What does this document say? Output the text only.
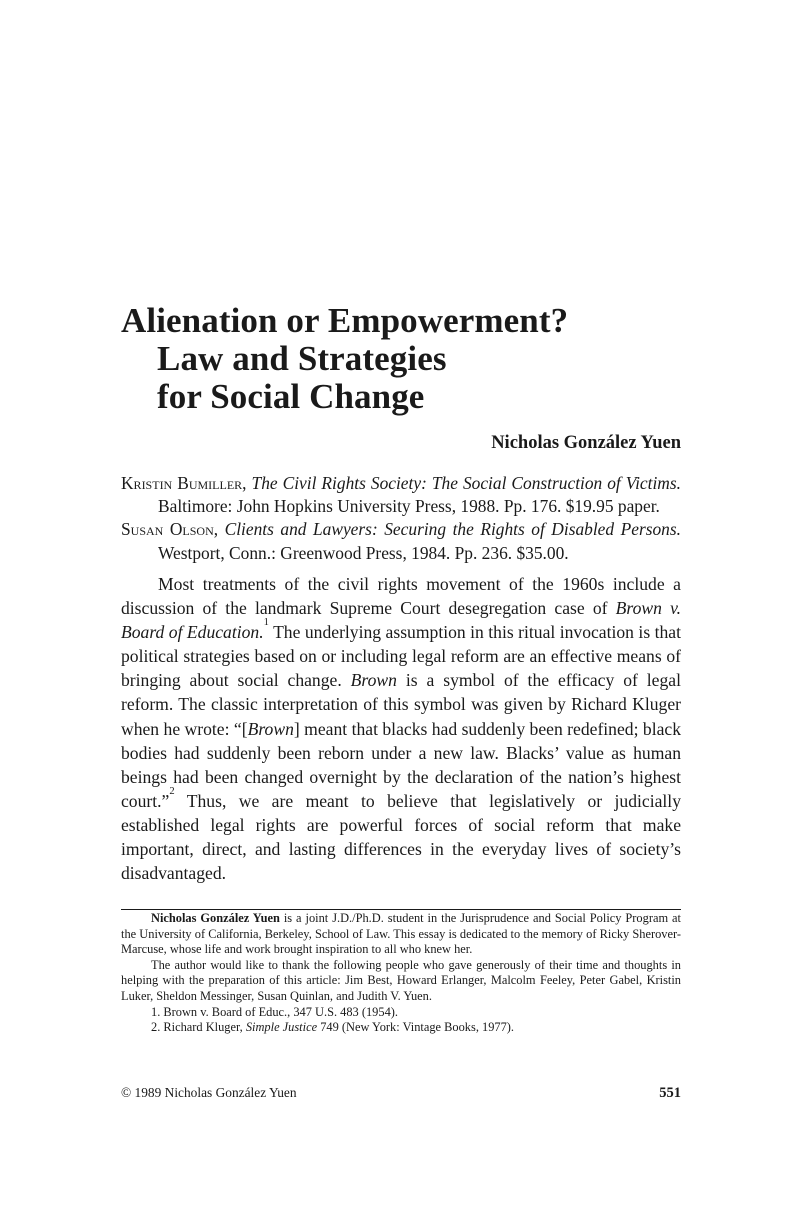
Alienation or Empowerment?
Law and Strategies
for Social Change

Nicholas González Yuen

Kristin Bumiller, The Civil Rights Society: The Social Construction of Victims. Baltimore: John Hopkins University Press, 1988. Pp. 176. $19.95 paper.

Susan Olson, Clients and Lawyers: Securing the Rights of Disabled Persons. Westport, Conn.: Greenwood Press, 1984. Pp. 236. $35.00.

Most treatments of the civil rights movement of the 1960s include a discussion of the landmark Supreme Court desegregation case of Brown v. Board of Education.$^1$ The underlying assumption in this ritual invocation is that political strategies based on or including legal reform are an effective means of bringing about social change. Brown is a symbol of the efficacy of legal reform. The classic interpretation of this symbol was given by Richard Kluger when he wrote: “[Brown] meant that blacks had suddenly been redefined; black bodies had suddenly been reborn under a new law. Blacks’ value as human beings had been changed overnight by the declaration of the nation’s highest court.”$^2$ Thus, we are meant to believe that legislatively or judicially established legal rights are powerful forces of social reform that make important, direct, and lasting differences in the everyday lives of society’s disadvantaged.

Nicholas González Yuen is a joint J.D./Ph.D. student in the Jurisprudence and Social Policy Program at the University of California, Berkeley, School of Law. This essay is dedicated to the memory of Ricky Sherover-Marcuse, whose life and work brought inspiration to all who knew her.

The author would like to thank the following people who gave generously of their time and thoughts in helping with the preparation of this article: Jim Best, Howard Erlanger, Malcolm Feeley, Peter Gabel, Kristin Luker, Sheldon Messinger, Susan Quinlan, and Judith V. Yuen.

1. Brown v. Board of Educ., 347 U.S. 483 (1954).

2. Richard Kluger, Simple Justice 749 (New York: Vintage Books, 1977).

© 1989 Nicholas González Yuen	551
